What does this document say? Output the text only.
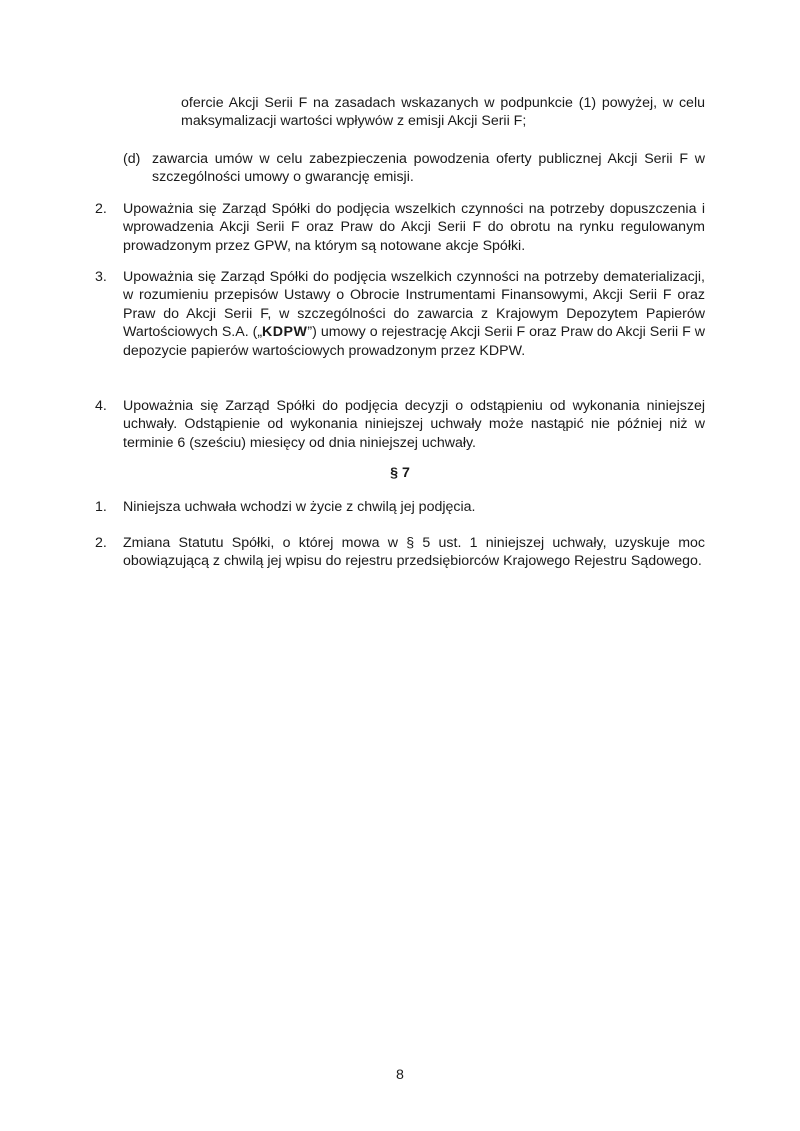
ofercie Akcji Serii F na zasadach wskazanych w podpunkcie (1) powyżej, w celu maksymalizacji wartości wpływów z emisji Akcji Serii F;
(d) zawarcia umów w celu zabezpieczenia powodzenia oferty publicznej Akcji Serii F w szczególności umowy o gwarancję emisji.
2. Upoważnia się Zarząd Spółki do podjęcia wszelkich czynności na potrzeby dopuszczenia i wprowadzenia Akcji Serii F oraz Praw do Akcji Serii F do obrotu na rynku regulowanym prowadzonym przez GPW, na którym są notowane akcje Spółki.
3. Upoważnia się Zarząd Spółki do podjęcia wszelkich czynności na potrzeby dematerializacji, w rozumieniu przepisów Ustawy o Obrocie Instrumentami Finansowymi, Akcji Serii F oraz Praw do Akcji Serii F, w szczególności do zawarcia z Krajowym Depozytem Papierów Wartościowych S.A. („KDPW”) umowy o rejestrację Akcji Serii F oraz Praw do Akcji Serii F w depozycie papierów wartościowych prowadzonym przez KDPW.
4. Upoważnia się Zarząd Spółki do podjęcia decyzji o odstąpieniu od wykonania niniejszej uchwały. Odstąpienie od wykonania niniejszej uchwały może nastąpić nie później niż w terminie 6 (sześciu) miesięcy od dnia niniejszej uchwały.
§ 7
1. Niniejsza uchwała wchodzi w życie z chwilą jej podjęcia.
2. Zmiana Statutu Spółki, o której mowa w § 5 ust. 1 niniejszej uchwały, uzyskuje moc obowiązującą z chwilą jej wpisu do rejestru przedsiębiorców Krajowego Rejestru Sądowego.
8
